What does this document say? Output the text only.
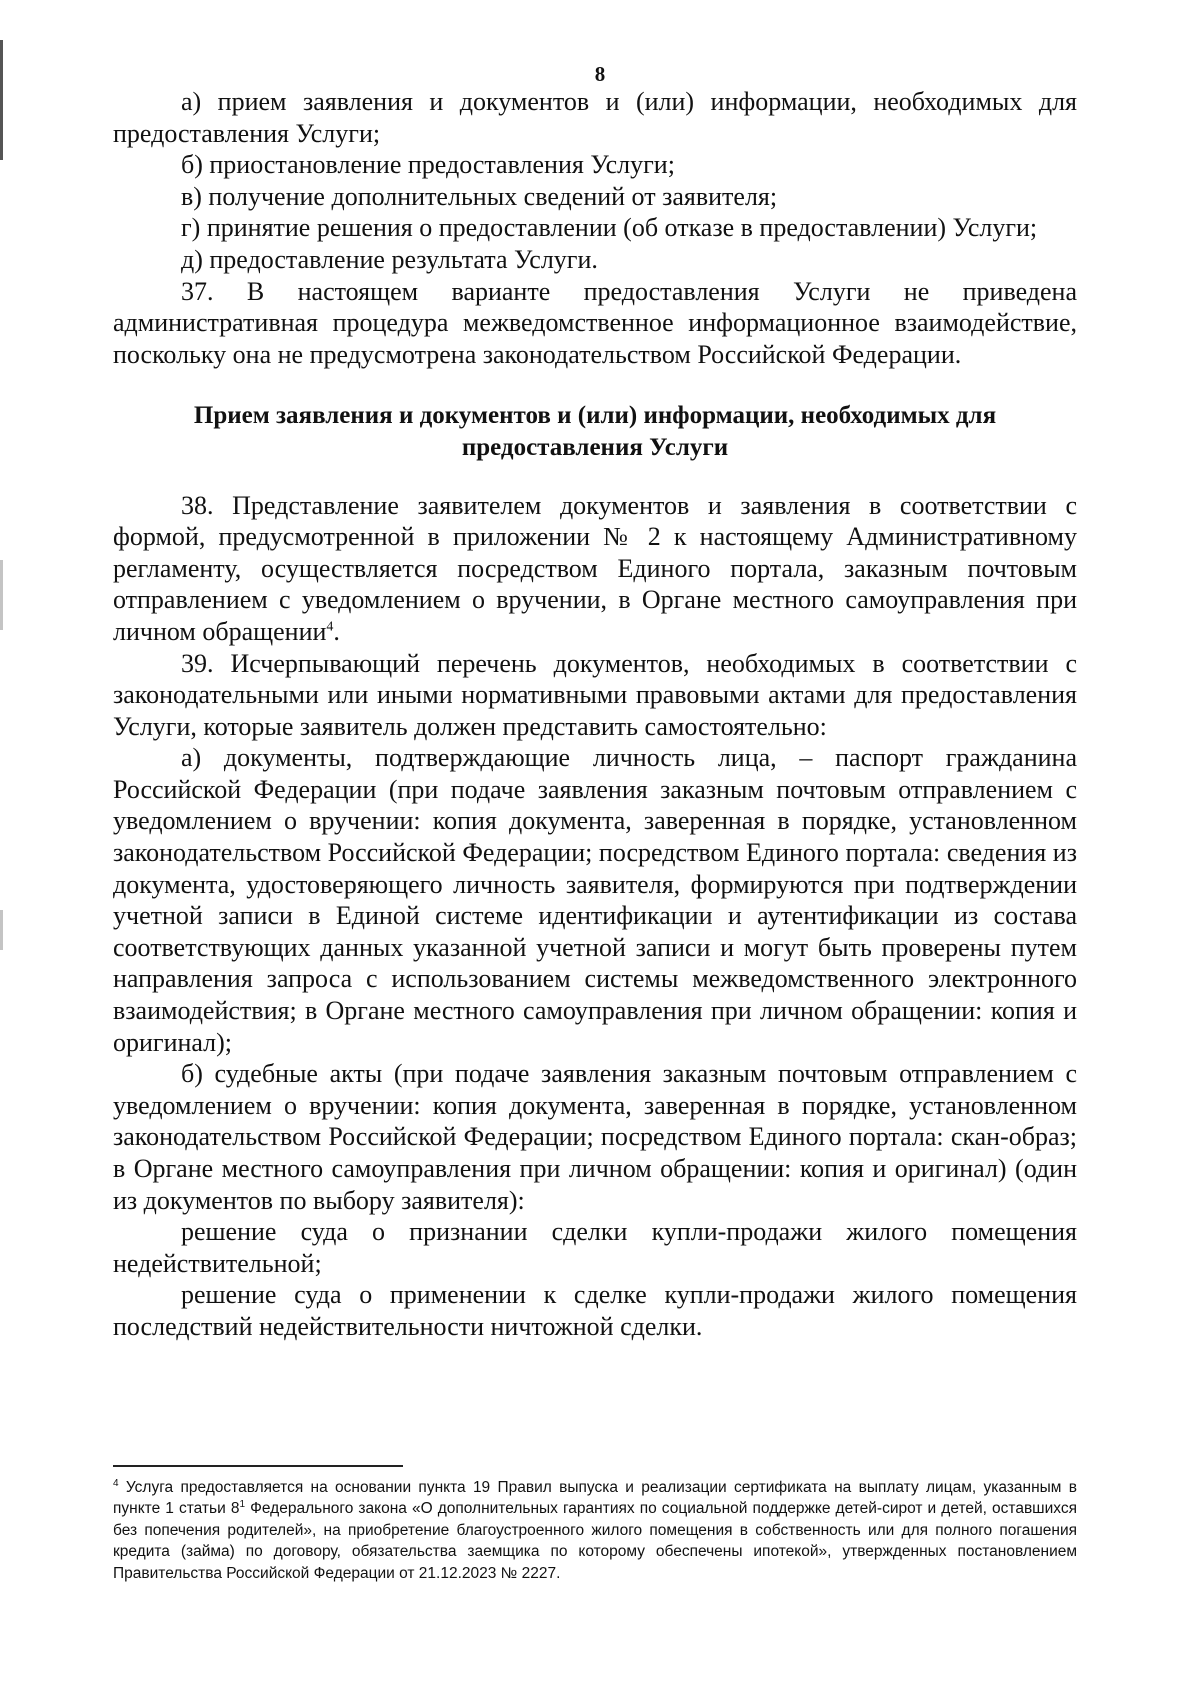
8

а) прием заявления и документов и (или) информации, необходимых для предоставления Услуги;

б) приостановление предоставления Услуги;

в) получение дополнительных сведений от заявителя;

г) принятие решения о предоставлении (об отказе в предоставлении) Услуги;

д) предоставление результата Услуги.

37. В настоящем варианте предоставления Услуги не приведена административная процедура межведомственное информационное взаимодействие, поскольку она не предусмотрена законодательством Российской Федерации.

Прием заявления и документов и (или) информации, необходимых для предоставления Услуги

38. Представление заявителем документов и заявления в соответствии с формой, предусмотренной в приложении № 2 к настоящему Административному регламенту, осуществляется посредством Единого портала, заказным почтовым отправлением с уведомлением о вручении, в Органе местного самоуправления при личном обращении$^4$.

39. Исчерпывающий перечень документов, необходимых в соответствии с законодательными или иными нормативными правовыми актами для предоставления Услуги, которые заявитель должен представить самостоятельно:

а) документы, подтверждающие личность лица, – паспорт гражданина Российской Федерации (при подаче заявления заказным почтовым отправлением с уведомлением о вручении: копия документа, заверенная в порядке, установленном законодательством Российской Федерации; посредством Единого портала: сведения из документа, удостоверяющего личность заявителя, формируются при подтверждении учетной записи в Единой системе идентификации и аутентификации из состава соответствующих данных указанной учетной записи и могут быть проверены путем направления запроса с использованием системы межведомственного электронного взаимодействия; в Органе местного самоуправления при личном обращении: копия и оригинал);

б) судебные акты (при подаче заявления заказным почтовым отправлением с уведомлением о вручении: копия документа, заверенная в порядке, установленном законодательством Российской Федерации; посредством Единого портала: скан-образ; в Органе местного самоуправления при личном обращении: копия и оригинал) (один из документов по выбору заявителя):

решение суда о признании сделки купли-продажи жилого помещения недействительной;

решение суда о применении к сделке купли-продажи жилого помещения последствий недействительности ничтожной сделки.

$^4$ Услуга предоставляется на основании пункта 19 Правил выпуска и реализации сертификата на выплату лицам, указанным в пункте 1 статьи $8^1$ Федерального закона «О дополнительных гарантиях по социальной поддержке детей-сирот и детей, оставшихся без попечения родителей», на приобретение благоустроенного жилого помещения в собственность или для полного погашения кредита (займа) по договору, обязательства заемщика по которому обеспечены ипотекой», утвержденных постановлением Правительства Российской Федерации от 21.12.2023 № 2227.
